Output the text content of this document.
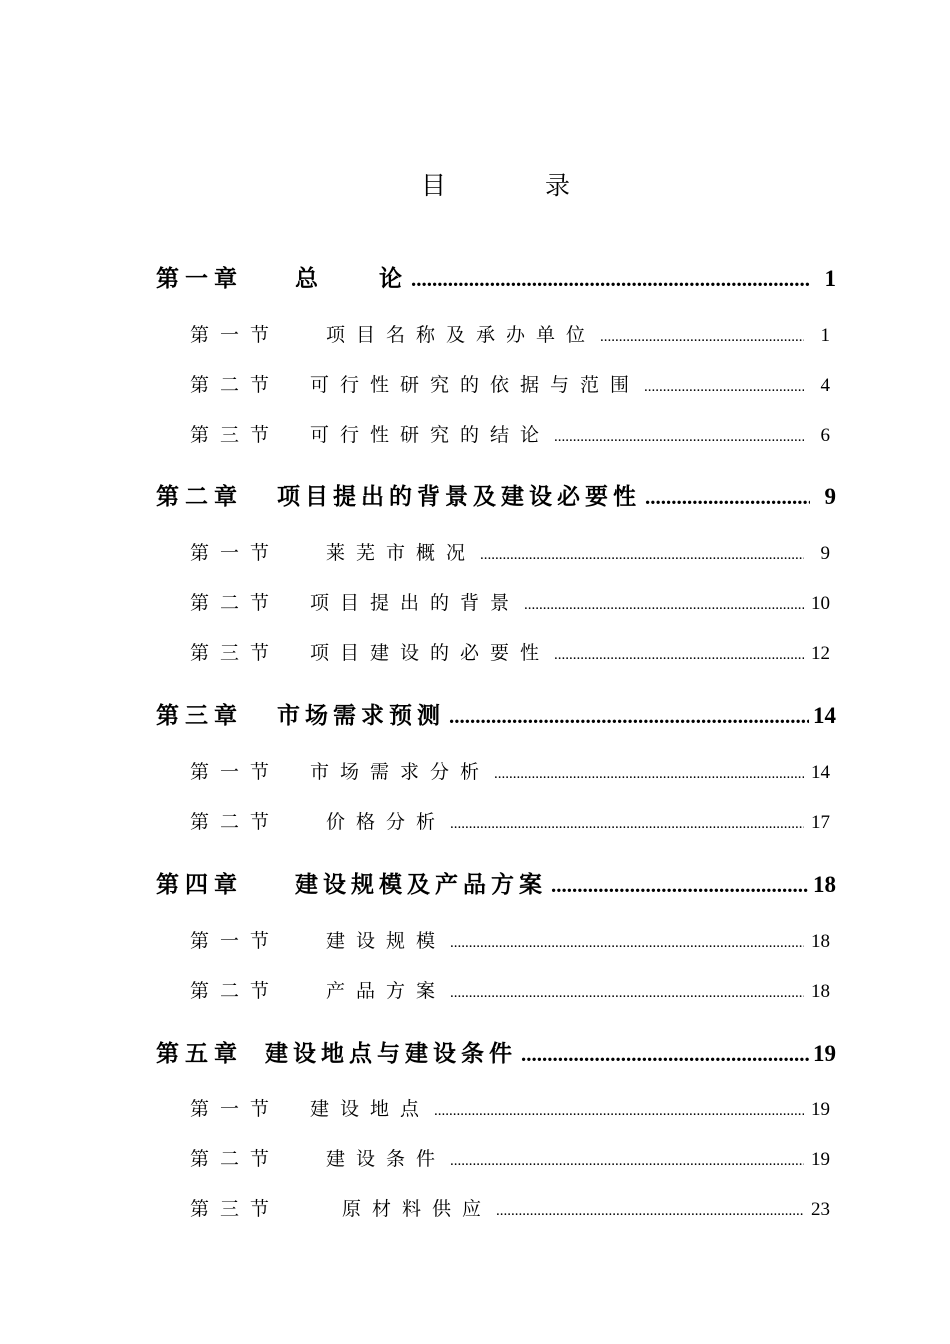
目	录
第一章 总　　论 .....	1
第一节 项目名称及承办单位 .....	1
第二节 可行性研究的依据与范围 .....	4
第三节 可行性研究的结论 .....	6
第二章 项目提出的背景及建设必要性 .....	9
第一节 莱芜市概况 .....	9
第二节 项目提出的背景 .....	10
第三节 项目建设的必要性 .....	12
第三章 市场需求预测 .....	14
第一节 市场需求分析 .....	14
第二节 价格分析 .....	17
第四章 建设规模及产品方案 .....	18
第一节 建设规模 .....	18
第二节 产品方案 .....	18
第五章 建设地点与建设条件 .....	19
第一节 建设地点 .....	19
第二节 建设条件 .....	19
第三节	原材料供应 .....	23
